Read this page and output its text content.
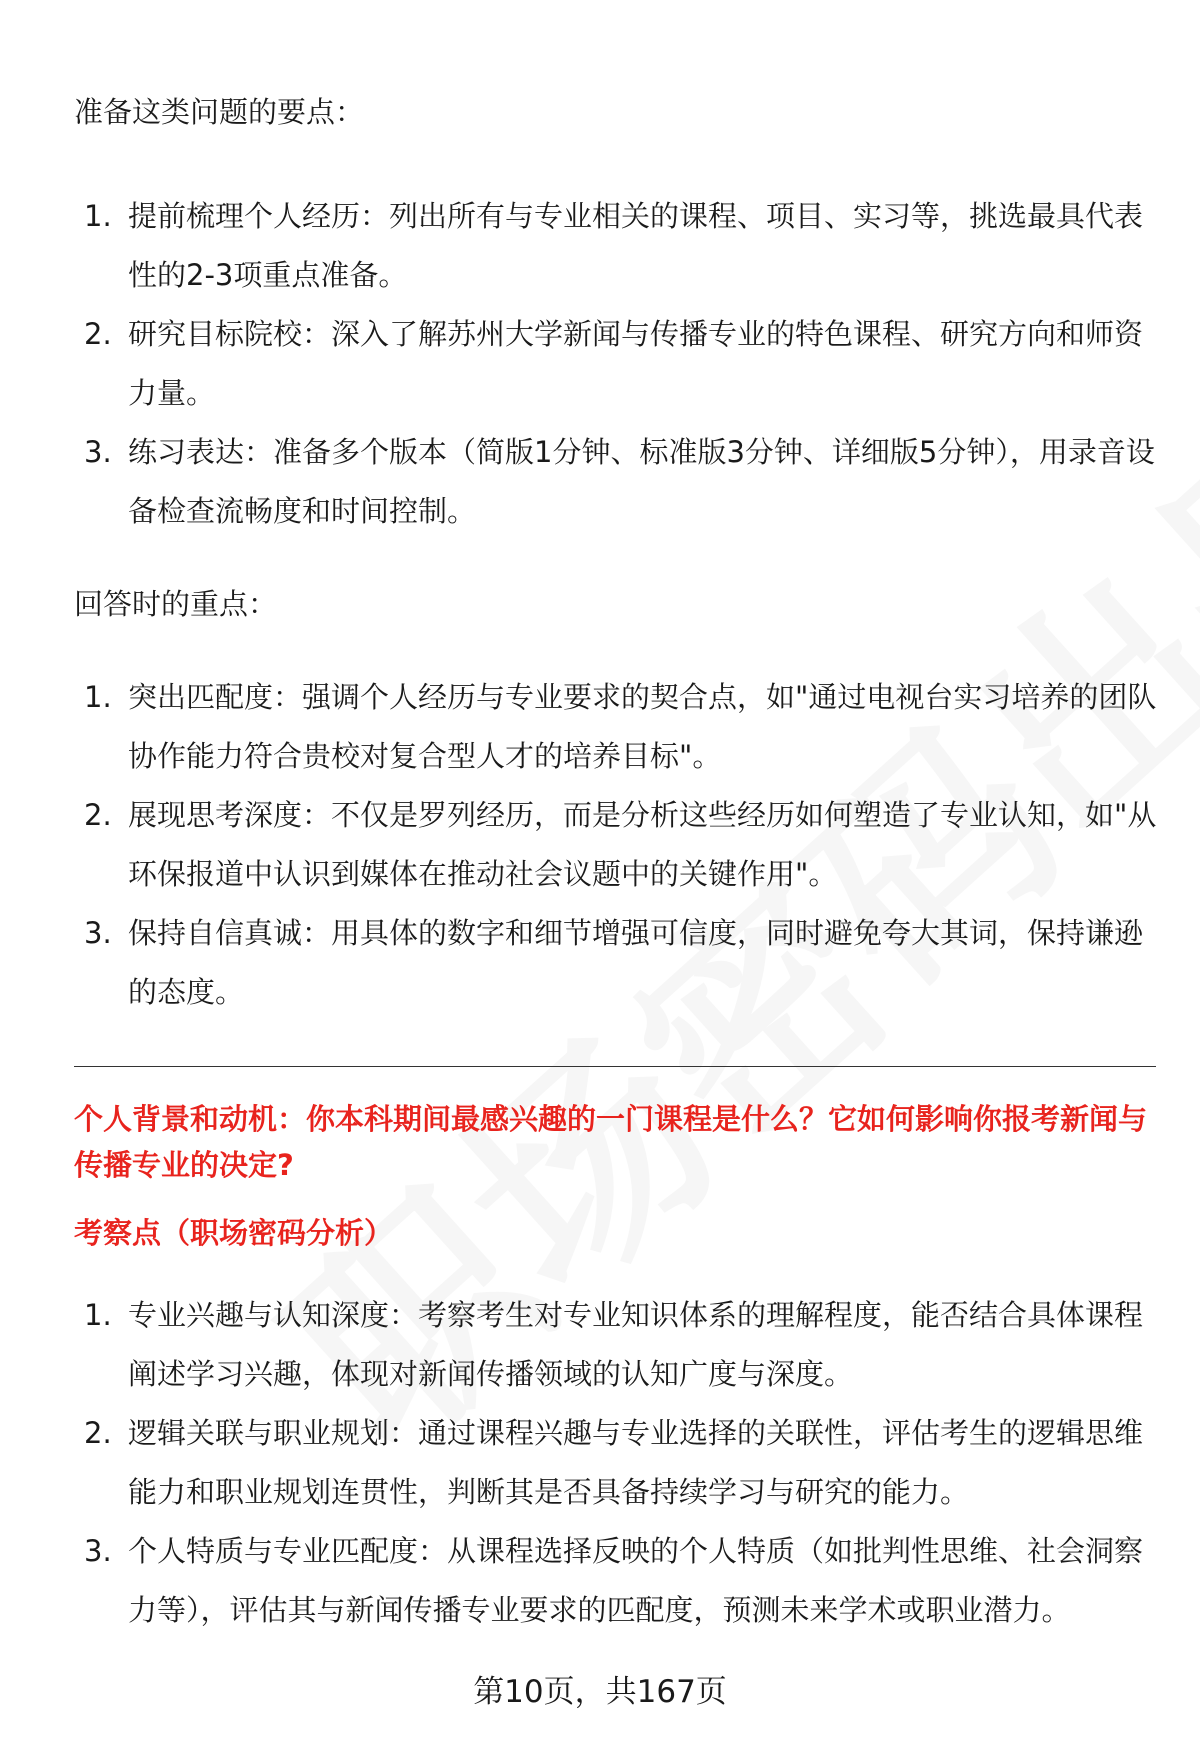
准备这类问题的要点：
1. 提前梳理个人经历：列出所有与专业相关的课程、项目、实习等，挑选最具代表性的2-3项重点准备。
2. 研究目标院校：深入了解苏州大学新闻与传播专业的特色课程、研究方向和师资力量。
3. 练习表达：准备多个版本（简版1分钟、标准版3分钟、详细版5分钟），用录音设备检查流畅度和时间控制。
回答时的重点：
1. 突出匹配度：强调个人经历与专业要求的契合点，如"通过电视台实习培养的团队协作能力符合贵校对复合型人才的培养目标"。
2. 展现思考深度：不仅是罗列经历，而是分析这些经历如何塑造了专业认知，如"从环保报道中认识到媒体在推动社会议题中的关键作用"。
3. 保持自信真诚：用具体的数字和细节增强可信度，同时避免夸大其词，保持谦逊的态度。
个人背景和动机：你本科期间最感兴趣的一门课程是什么？它如何影响你报考新闻与传播专业的决定?
考察点（职场密码分析）
1. 专业兴趣与认知深度：考察考生对专业知识体系的理解程度，能否结合具体课程阐述学习兴趣，体现对新闻传播领域的认知广度与深度。
2. 逻辑关联与职业规划：通过课程兴趣与专业选择的关联性，评估考生的逻辑思维能力和职业规划连贯性，判断其是否具备持续学习与研究的能力。
3. 个人特质与专业匹配度：从课程选择反映的个人特质（如批判性思维、社会洞察力等），评估其与新闻传播专业要求的匹配度，预测未来学术或职业潜力。
第10页，共167页
